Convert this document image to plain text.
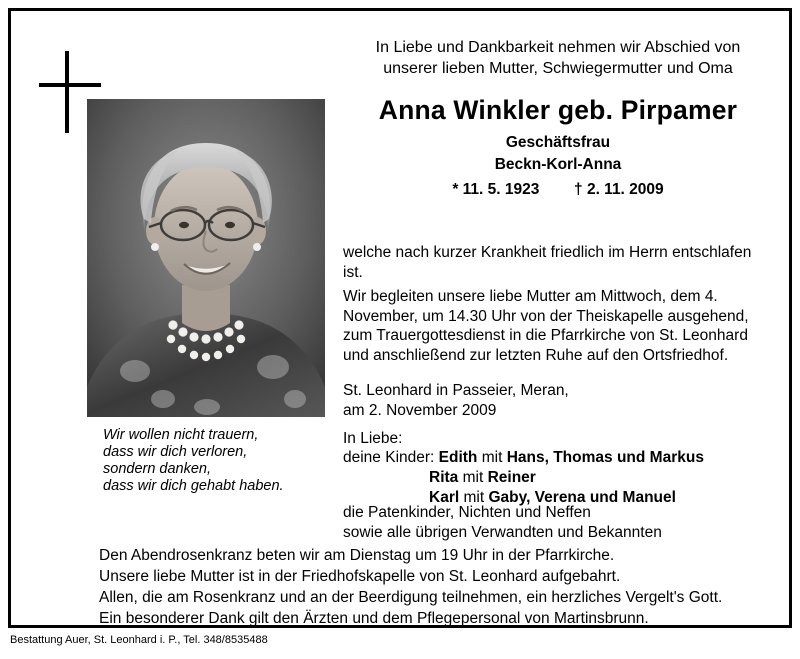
Wir wollen nicht trauern,
dass wir dich verloren,
sondern danken,
dass wir dich gehabt haben.
In Liebe und Dankbarkeit nehmen wir Abschied von
unserer lieben Mutter, Schwiegermutter und Oma
Anna Winkler geb. Pirpamer
Geschäftsfrau
Beckn-Korl-Anna
* 11. 5. 1923 † 2. 11. 2009
welche nach kurzer Krankheit friedlich im Herrn entschlafen ist.
Wir begleiten unsere liebe Mutter am Mittwoch, dem 4. November, um 14.30 Uhr von der Theiskapelle ausgehend, zum Trauergottesdienst in die Pfarrkirche von St. Leonhard und anschließend zur letzten Ruhe auf den Ortsfriedhof.
St. Leonhard in Passeier, Meran,
am 2. November 2009
In Liebe:
deine Kinder: Edith mit Hans, Thomas und Markus
Rita mit Reiner
Karl mit Gaby, Verena und Manuel
die Patenkinder, Nichten und Neffen
sowie alle übrigen Verwandten und Bekannten
Den Abendrosenkranz beten wir am Dienstag um 19 Uhr in der Pfarrkirche.
Unsere liebe Mutter ist in der Friedhofskapelle von St. Leonhard aufgebahrt.
Allen, die am Rosenkranz und an der Beerdigung teilnehmen, ein herzliches Vergelt's Gott.
Ein besonderer Dank gilt den Ärzten und dem Pflegepersonal von Martinsbrunn.
Bestattung Auer, St. Leonhard i. P., Tel. 348/8535488
